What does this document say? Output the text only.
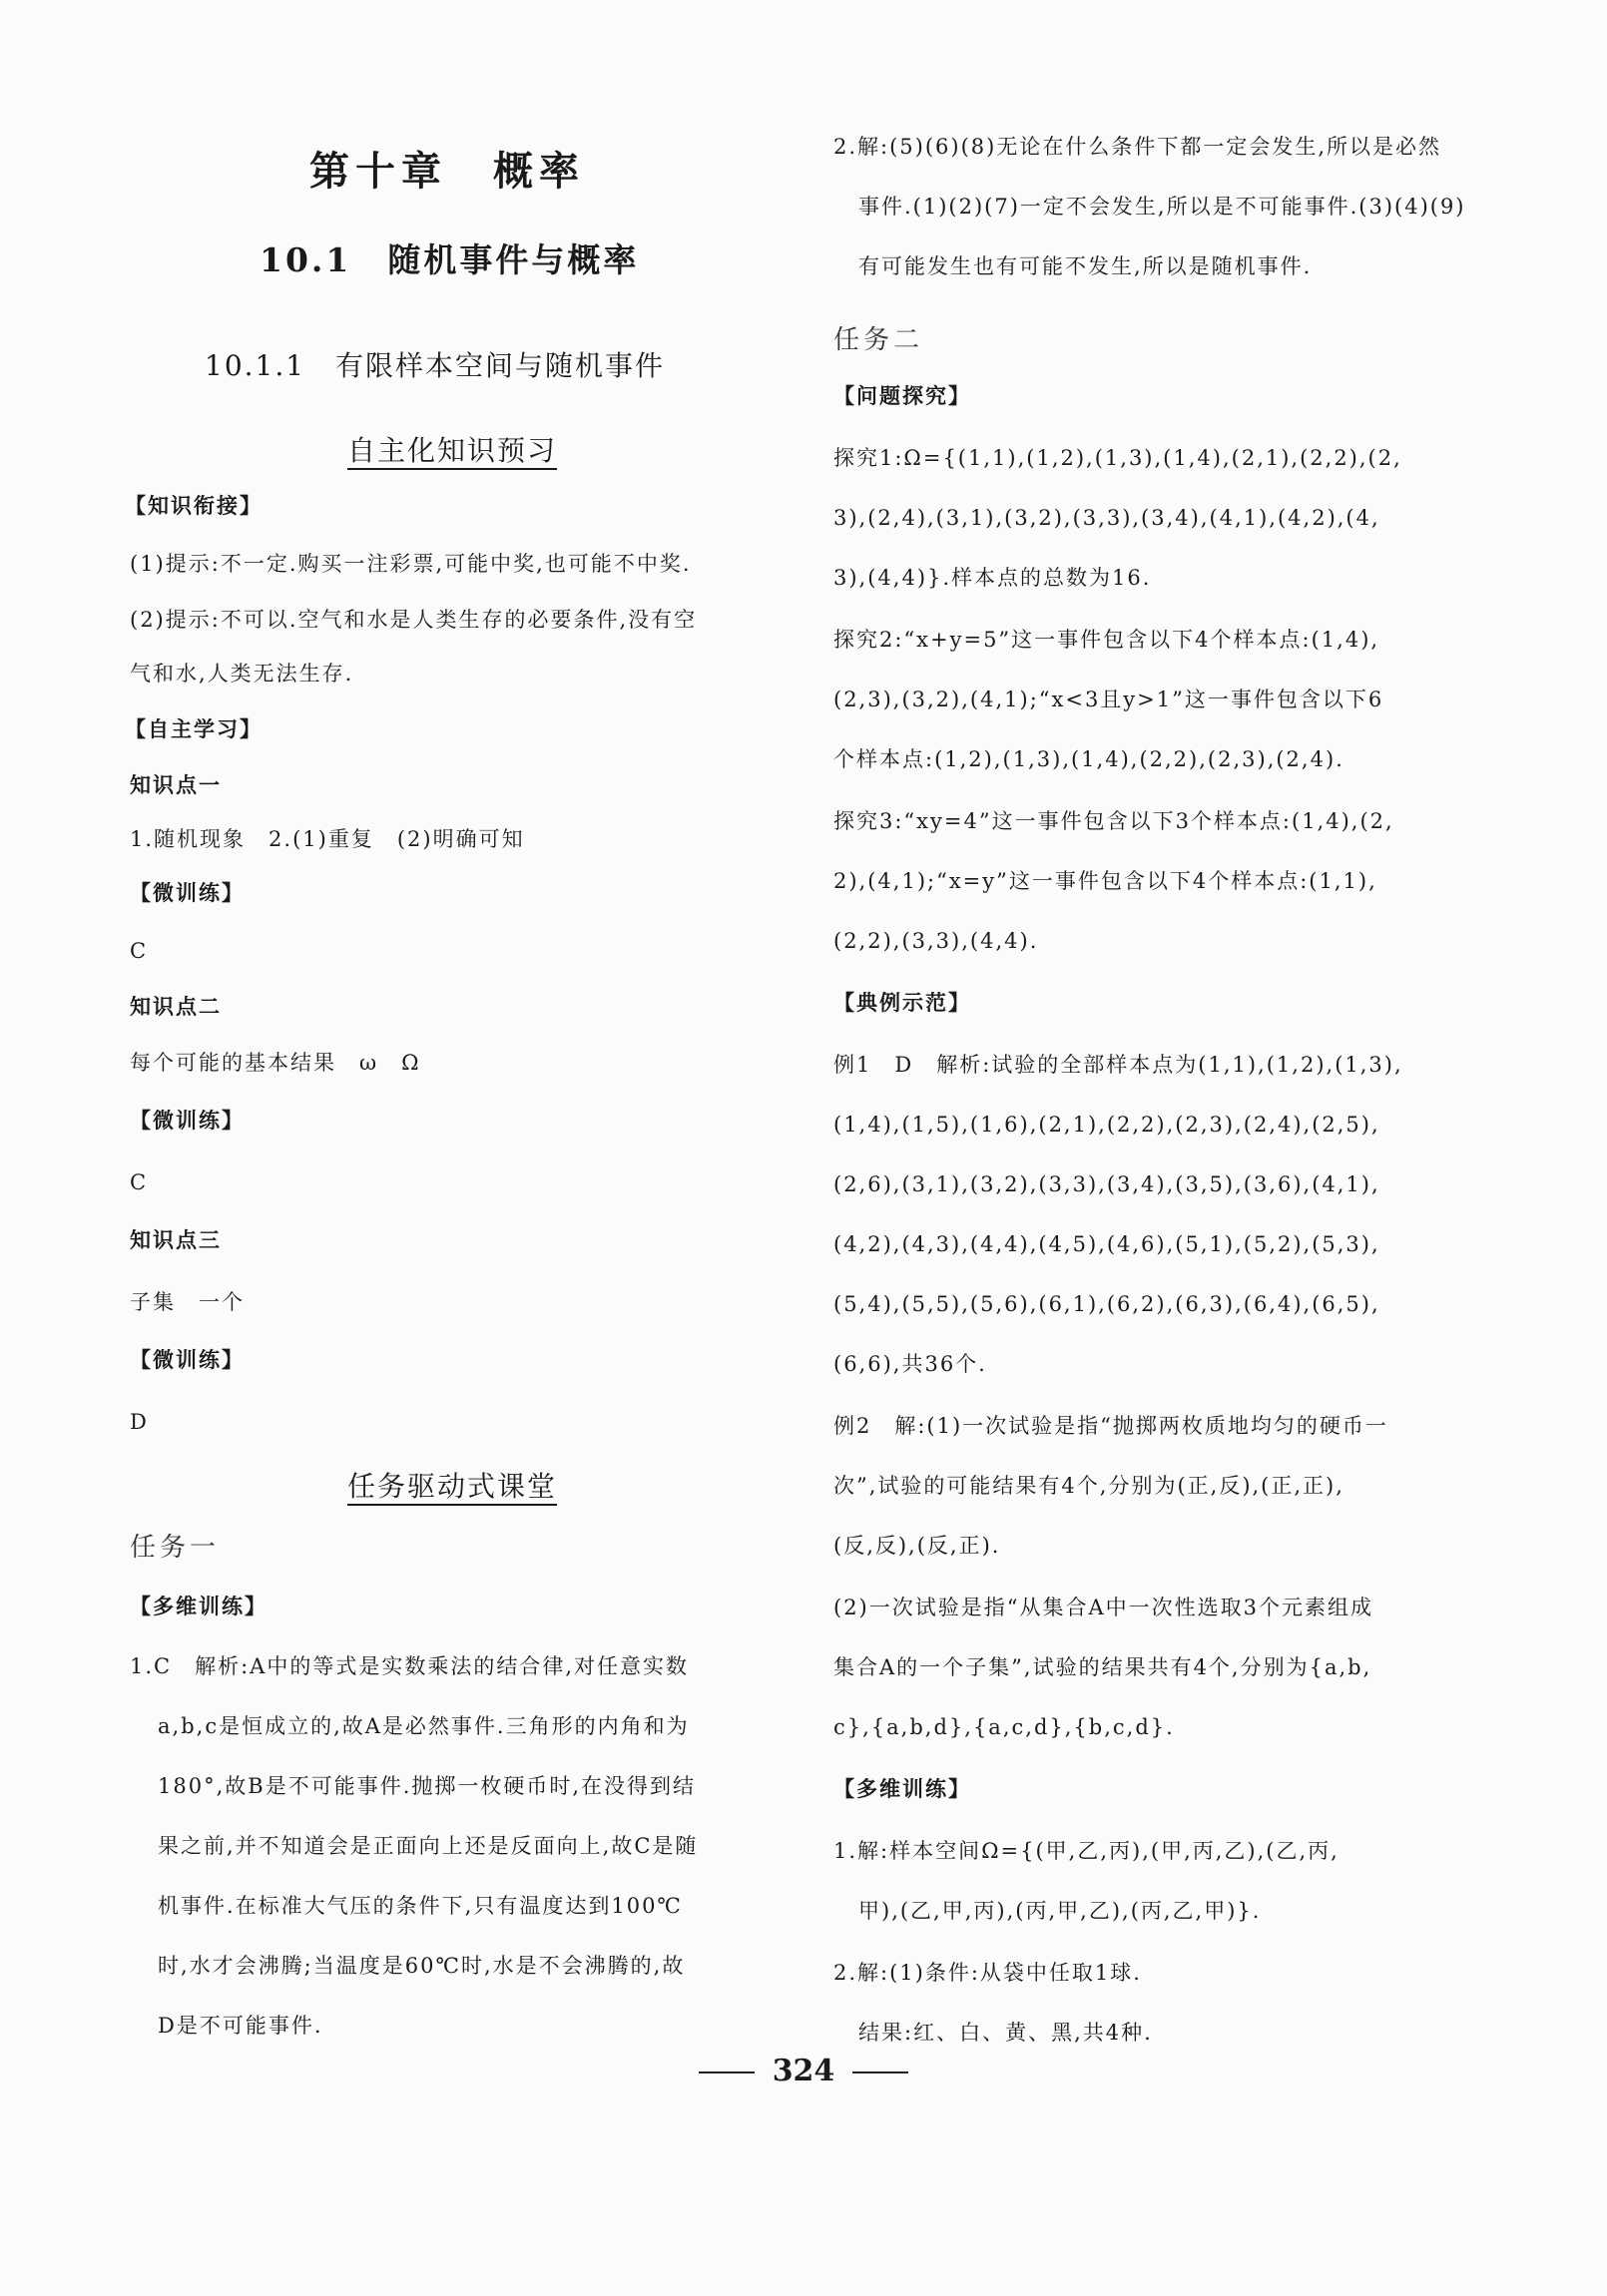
第十章　概率
10.1　随机事件与概率
10.1.1　有限样本空间与随机事件
自主化知识预习
【知识衔接】
(1)提示:不一定.购买一注彩票,可能中奖,也可能不中奖.
(2)提示:不可以.空气和水是人类生存的必要条件,没有空
气和水,人类无法生存.
【自主学习】
知识点一
1.随机现象　2.(1)重复　(2)明确可知
【微训练】
C
知识点二
每个可能的基本结果　ω　Ω
【微训练】
C
知识点三
子集　一个
【微训练】
D
任务驱动式课堂
任务一
【多维训练】
1.C　解析:A中的等式是实数乘法的结合律,对任意实数
a,b,c是恒成立的,故A是必然事件.三角形的内角和为
180°,故B是不可能事件.抛掷一枚硬币时,在没得到结
果之前,并不知道会是正面向上还是反面向上,故C是随
机事件.在标准大气压的条件下,只有温度达到100℃
时,水才会沸腾;当温度是60℃时,水是不会沸腾的,故
D是不可能事件.
2.解:(5)(6)(8)无论在什么条件下都一定会发生,所以是必然
事件.(1)(2)(7)一定不会发生,所以是不可能事件.(3)(4)(9)
有可能发生也有可能不发生,所以是随机事件.
任务二
【问题探究】
探究1:Ω={(1,1),(1,2),(1,3),(1,4),(2,1),(2,2),(2,
3),(2,4),(3,1),(3,2),(3,3),(3,4),(4,1),(4,2),(4,
3),(4,4)}.样本点的总数为16.
探究2:“x+y=5”这一事件包含以下4个样本点:(1,4),
(2,3),(3,2),(4,1);“x<3且y>1”这一事件包含以下6
个样本点:(1,2),(1,3),(1,4),(2,2),(2,3),(2,4).
探究3:“xy=4”这一事件包含以下3个样本点:(1,4),(2,
2),(4,1);“x=y”这一事件包含以下4个样本点:(1,1),
(2,2),(3,3),(4,4).
【典例示范】
例1　D　解析:试验的全部样本点为(1,1),(1,2),(1,3),
(1,4),(1,5),(1,6),(2,1),(2,2),(2,3),(2,4),(2,5),
(2,6),(3,1),(3,2),(3,3),(3,4),(3,5),(3,6),(4,1),
(4,2),(4,3),(4,4),(4,5),(4,6),(5,1),(5,2),(5,3),
(5,4),(5,5),(5,6),(6,1),(6,2),(6,3),(6,4),(6,5),
(6,6),共36个.
例2　解:(1)一次试验是指“抛掷两枚质地均匀的硬币一
次”,试验的可能结果有4个,分别为(正,反),(正,正),
(反,反),(反,正).
(2)一次试验是指“从集合A中一次性选取3个元素组成
集合A的一个子集”,试验的结果共有4个,分别为{a,b,
c},{a,b,d},{a,c,d},{b,c,d}.
【多维训练】
1.解:样本空间Ω={(甲,乙,丙),(甲,丙,乙),(乙,丙,
甲),(乙,甲,丙),(丙,甲,乙),(丙,乙,甲)}.
2.解:(1)条件:从袋中任取1球.
结果:红、白、黄、黑,共4种.
324
